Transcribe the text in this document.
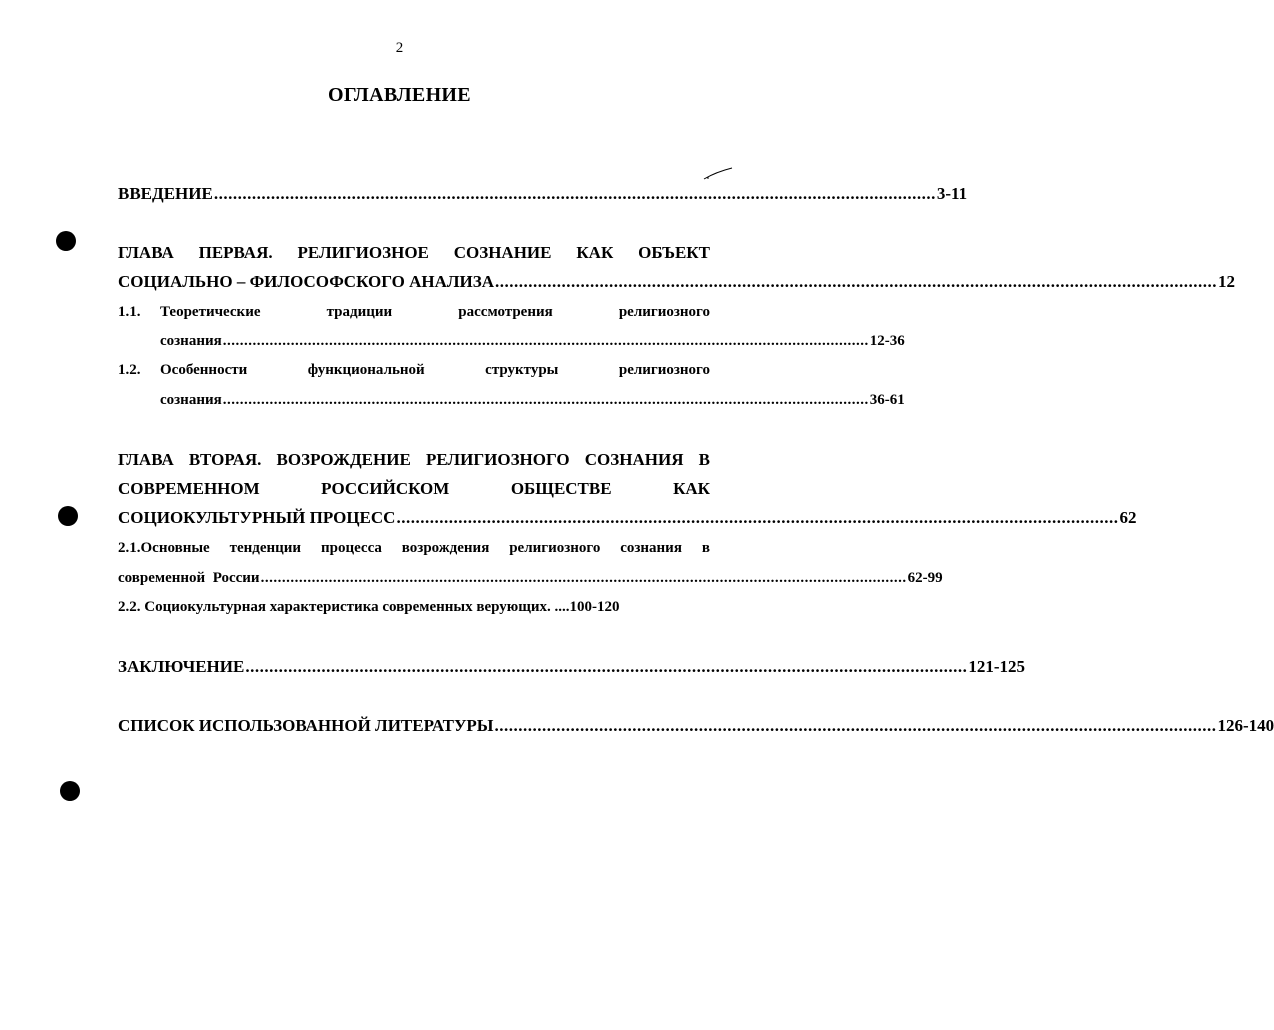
2
ОГЛАВЛЕНИЕ
ВВЕДЕНИЕ ........................................................................................................................................................ 3-11
ГЛАВА ПЕРВАЯ. РЕЛИГИОЗНОЕ СОЗНАНИЕ КАК ОБЪЕКТ
СОЦИАЛЬНО – ФИЛОСОФСКОГО АНАЛИЗА ........................................................................................................................................................ 12
1.1. Теоретические	традиции	рассмотрения	религиозного
сознания ........................................................................................................................................................ 12-36
1.2. Особенности	функциональной	структуры	религиозного
сознания ........................................................................................................................................................ 36-61
ГЛАВА ВТОРАЯ. ВОЗРОЖДЕНИЕ РЕЛИГИОЗНОГО СОЗНАНИЯ В
СОВРЕМЕННОМ	РОССИЙСКОМ	ОБЩЕСТВЕ	КАК
СОЦИОКУЛЬТУРНЫЙ ПРОЦЕСС ........................................................................................................................................................ 62
2.1.Основные тенденции процесса возрождения религиозного сознания в
современной  России ........................................................................................................................................................ 62-99
2.2. Социокультурная характеристика современных верующих. .... 100-120
ЗАКЛЮЧЕНИЕ ........................................................................................................................................................ 121-125
СПИСОК ИСПОЛЬЗОВАННОЙ ЛИТЕРАТУРЫ ........................................................................................................................................................ 126-140
